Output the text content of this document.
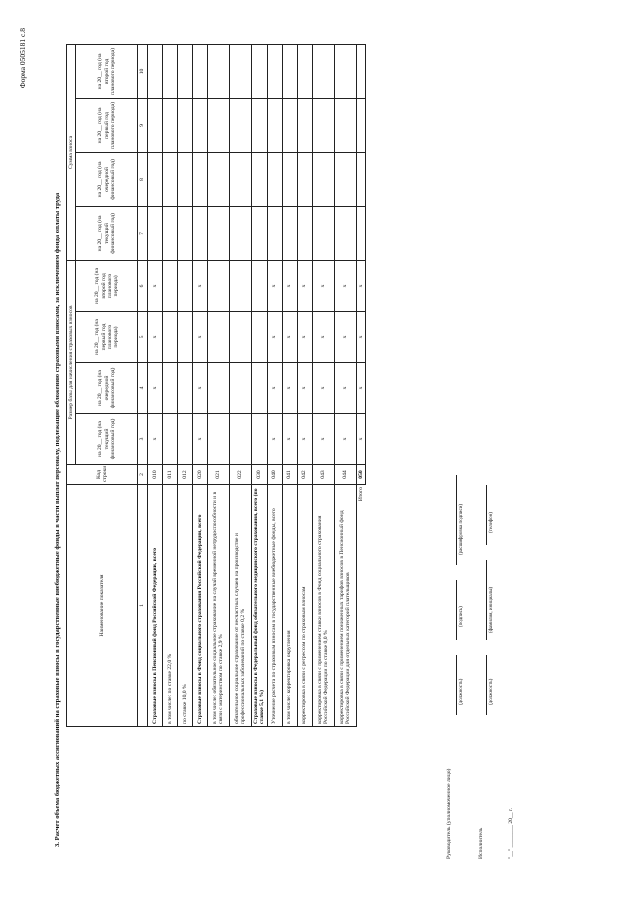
Форма 0505181 с.8
3. Расчет объема бюджетных ассигнований на страховые взносы в государственные внебюджетные фонды в части выплат персоналу, подлежащие обложению страховыми взносами, за исключением фонда оплаты труда	Наименование показателя	Код строки	Размер базы для начисления страховых взносов				Сумма взноса			
		на 20__ год (на текущий финансовый год)	на 20__ год (на очередной финансовый год)	на 20__ год (на первый год планового периода)	на 20__ год (на второй год планового периода)	на 20__ год (на текущий финансовый год)	на 20__ год (на очередной финансовый год)	на 20__ год (на первый год планового периода)	на 20__ год (на второй год планового периода)
1	2	3	4	5	6	7	8	9	10
Страховые взносы в Пенсионный фонд Российской Федерации, всего	010	x	x	x	x				
в том числе: по ставке 22,0 %	011								
по ставке 10,0 %	012								
Страховые взносы в Фонд социального страхования Российской Федерации, всего	020	x	x	x	x				
в том числе: обязательное социальное страхование на случай временной нетрудоспособности и в связи с материнством по ставке 2,9 %	021								
обязательное социальное страхование от несчастных случаев на производстве и профессиональных заболеваний по ставке 0,2 %	022								
Страховые взносы в Федеральный фонд обязательного медицинского страхования, всего (по ставке 5,1 %)	030								
Уточнение расчета по страховым взносам в государственные внебюджетные фонды, всего	040	x	x	x	x				
в том числе: корректировка округления	041	x	x	x	x				
корректировка в связи с регрессом по страховым взносам	042	x	x	x	x				
корректировка в связи с применением ставки взносов в Фонд социального страхования Российской Федерации по ставке 0,0 %	043	x	x	x	x				
корректировка в связи с применением пониженных тарифов взносов в Пенсионный фонд Российской Федерации для отдельных категорий плательщиков	044	x	x	x	x				
Итого	050	x	x	x	x				
Руководитель (уполномоченное лицо)
(должность)
(подпись)
(расшифровка подписи)
Исполнитель
(должность)
(фамилия, инициалы)
(телефон)
"__" ________ 20__ г.
